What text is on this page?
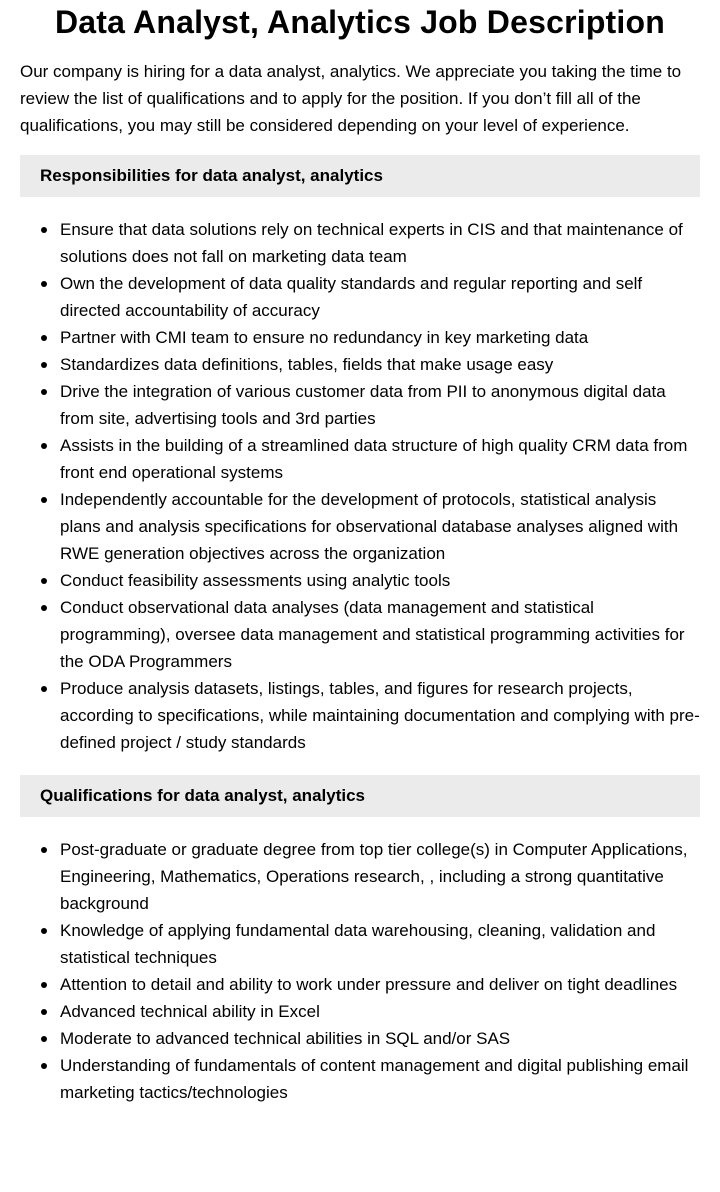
Data Analyst, Analytics Job Description

Our company is hiring for a data analyst, analytics. We appreciate you taking the time to review the list of qualifications and to apply for the position. If you don’t fill all of the qualifications, you may still be considered depending on your level of experience.

Responsibilities for data analyst, analytics
Ensure that data solutions rely on technical experts in CIS and that maintenance of solutions does not fall on marketing data team
Own the development of data quality standards and regular reporting and self directed accountability of accuracy
Partner with CMI team to ensure no redundancy in key marketing data
Standardizes data definitions, tables, fields that make usage easy
Drive the integration of various customer data from PII to anonymous digital data from site, advertising tools and 3rd parties
Assists in the building of a streamlined data structure of high quality CRM data from front end operational systems
Independently accountable for the development of protocols, statistical analysis plans and analysis specifications for observational database analyses aligned with RWE generation objectives across the organization
Conduct feasibility assessments using analytic tools
Conduct observational data analyses (data management and statistical programming), oversee data management and statistical programming activities for the ODA Programmers
Produce analysis datasets, listings, tables, and figures for research projects, according to specifications, while maintaining documentation and complying with pre-defined project / study standards
Qualifications for data analyst, analytics
Post-graduate or graduate degree from top tier college(s) in Computer Applications, Engineering, Mathematics, Operations research, , including a strong quantitative background
Knowledge of applying fundamental data warehousing, cleaning, validation and statistical techniques
Attention to detail and ability to work under pressure and deliver on tight deadlines
Advanced technical ability in Excel
Moderate to advanced technical abilities in SQL and/or SAS
Understanding of fundamentals of content management and digital publishing email marketing tactics/technologies
